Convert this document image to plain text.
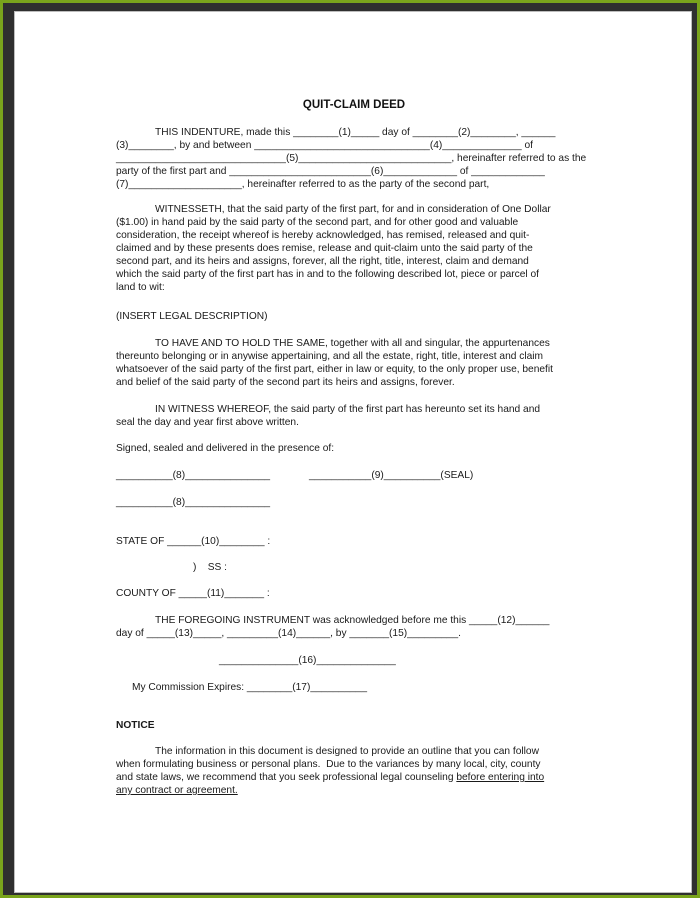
QUIT-CLAIM DEED
THIS INDENTURE, made this ________(1)_____ day of ________(2)________, ______
(3)________, by and between _______________________________(4)______________ of
______________________________(5)___________________________, hereinafter referred to as the
party of the first part and _________________________(6)_____________ of _____________
(7)____________________, hereinafter referred to as the party of the second part,
WITNESSETH, that the said party of the first part, for and in consideration of One Dollar
($1.00) in hand paid by the said party of the second part, and for other good and valuable
consideration, the receipt whereof is hereby acknowledged, has remised, released and quit-
claimed and by these presents does remise, release and quit-claim unto the said party of the
second part, and its heirs and assigns, forever, all the right, title, interest, claim and demand
which the said party of the first part has in and to the following described lot, piece or parcel of
land to wit:
(INSERT LEGAL DESCRIPTION)
TO HAVE AND TO HOLD THE SAME, together with all and singular, the appurtenances
thereunto belonging or in anywise appertaining, and all the estate, right, title, interest and claim
whatsoever of the said party of the first part, either in law or equity, to the only proper use, benefit
and belief of the said party of the second part its heirs and assigns, forever.
IN WITNESS WHEREOF, the said party of the first part has hereunto set its hand and
seal the day and year first above written.
Signed, sealed and delivered in the presence of:
__________(8)_______________	___________(9)__________(SEAL)
__________(8)_______________
STATE OF ______(10)________ :
)    SS :
COUNTY OF _____(11)_______ :
THE FOREGOING INSTRUMENT was acknowledged before me this _____(12)______
day of _____(13)_____, _________(14)______, by _______(15)_________.
______________(16)______________
My Commission Expires: ________(17)__________
NOTICE
The information in this document is designed to provide an outline that you can follow
when formulating business or personal plans.  Due to the variances by many local, city, county
and state laws, we recommend that you seek professional legal counseling before entering into
any contract or agreement.
